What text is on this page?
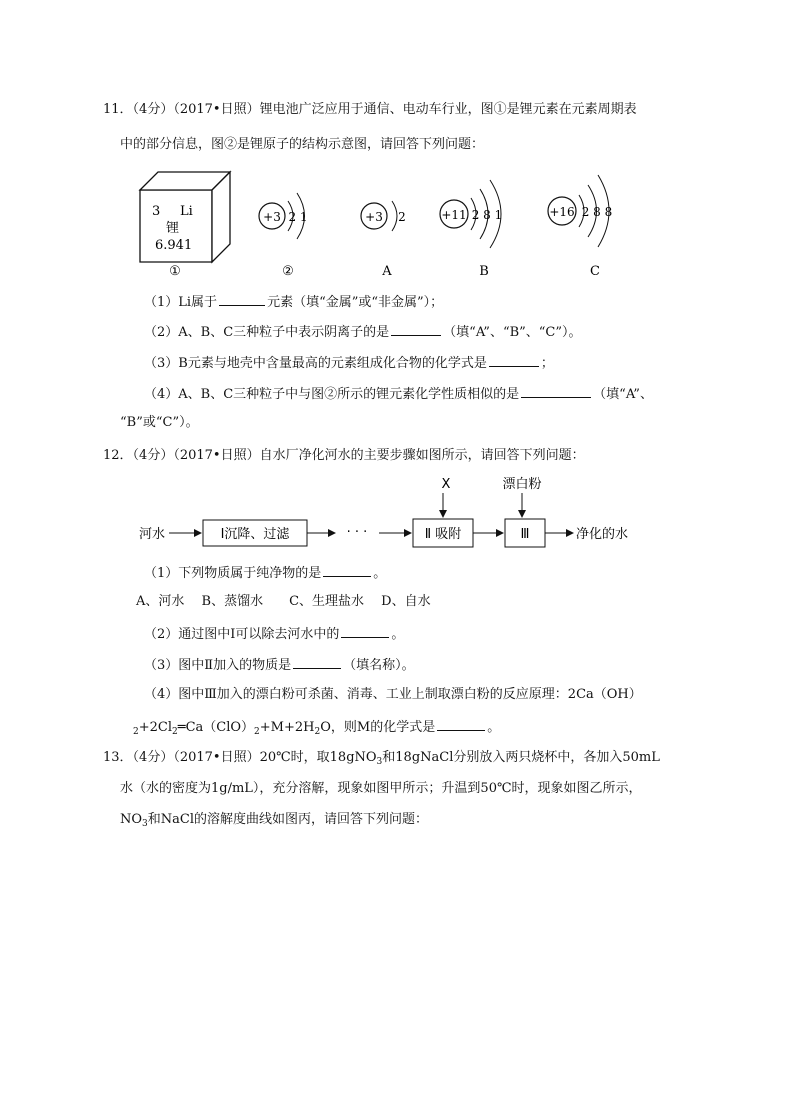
11．（4分）（2017•日照）锂电池广泛应用于通信、电动车行业，图①是锂元素在元素周期表
中的部分信息，图②是锂原子的结构示意图，请回答下列问题：
3 Li
锂
6.941
①
+3 2 1
②
+3 2
A
+11 2 8 1
B
+16 2 8 8
C
（1）Li属于	元素（填“金属”或“非金属”）；
（2）A、B、C三种粒子中表示阴离子的是	（填“A”、“B”、“C”）。
（3）B元素与地壳中含量最高的元素组成化合物的化学式是	；
（4）A、B、C三种粒子中与图②所示的锂元素化学性质相似的是	（填“A”、
“B”或“C”）。
12．（4分）（2017•日照）自水厂净化河水的主要步骤如图所示，请回答下列问题：
河水	Ⅰ沉降、过滤	· · ·	Ⅱ 吸附	Ⅲ	净化的水
X	漂白粉
（1）下列物质属于纯净物的是	。
A、河水　 B、蒸馏水　　C、生理盐水　 D、自水
（2）通过图中Ⅰ可以除去河水中的	。
（3）图中Ⅱ加入的物质是	（填名称）。
（4）图中Ⅲ加入的漂白粉可杀菌、消毒、工业上制取漂白粉的反应原理：2Ca（OH）
$_2+2Cl_2═Ca(ClO)_2+M+2H_2O$，则M的化学式是	。
13．（4分）（2017•日照）20℃时，取18gNO$_3$和18gNaCl分别放入两只烧杯中，各加入50mL
水（水的密度为1g/mL），充分溶解，现象如图甲所示；升温到50℃时，现象如图乙所示，
$NO_3$和NaCl的溶解度曲线如图丙，请回答下列问题：
